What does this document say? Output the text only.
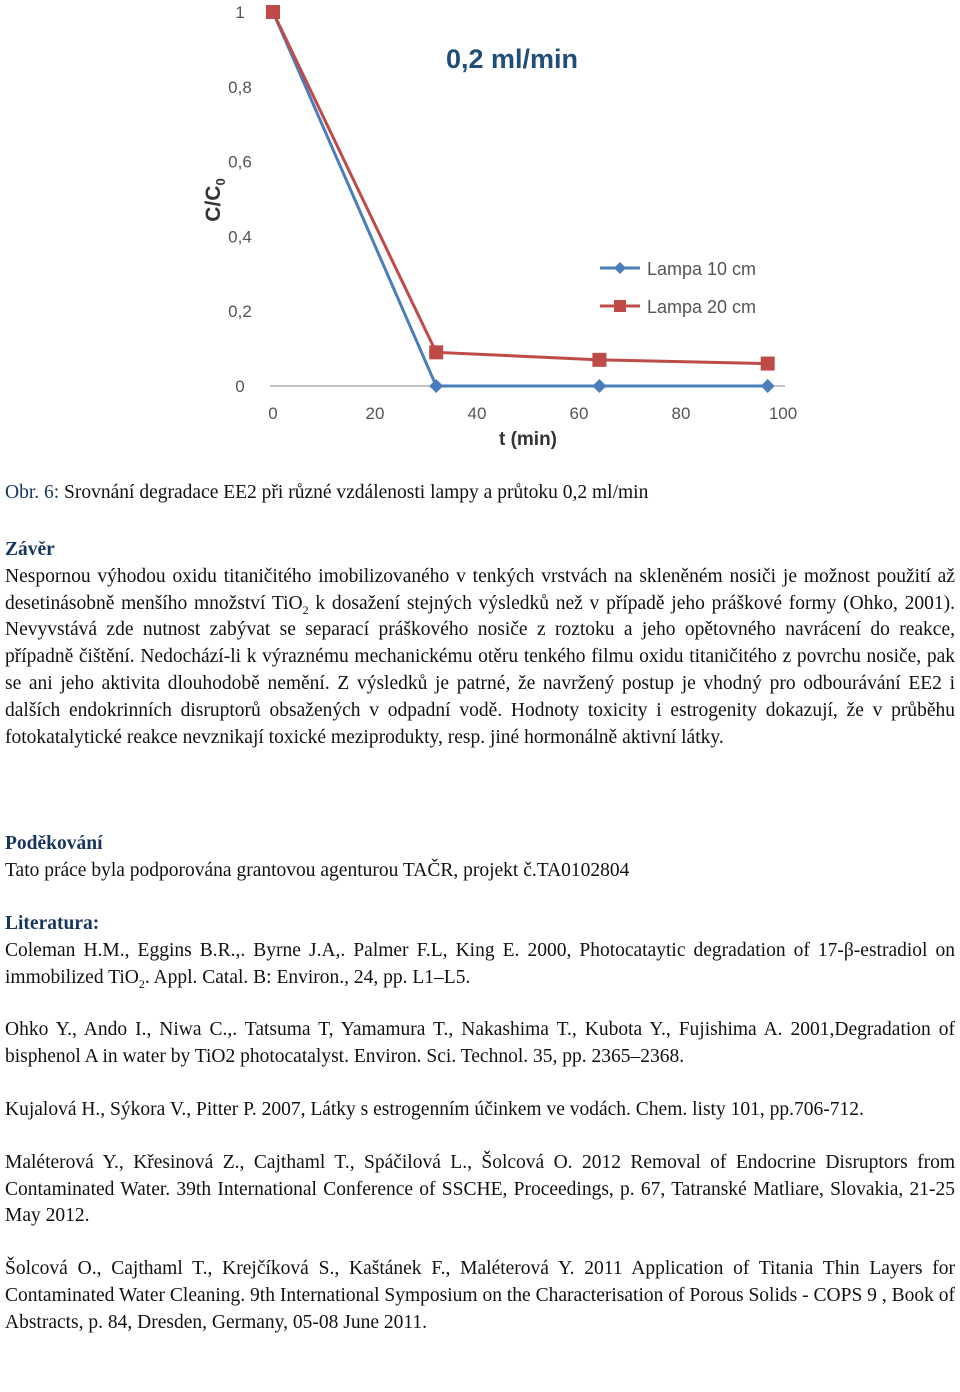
0
0,2
0,4
0,6
0,8
1
0	20	40	60	80	100
0,2 ml/min
$C/C_0$
t (min)
Lampa 10 cm
Lampa 20 cm
Obr. 6: Srovnání degradace EE2 při různé vzdálenosti lampy a průtoku 0,2 ml/min
Závěr
Nespornou výhodou oxidu titaničitého imobilizovaného v tenkých vrstvách na skleněném nosiči je možnost použití až desetinásobně menšího množství TiO$_2$ k dosažení stejných výsledků než v případě jeho práškové formy (Ohko, 2001). Nevyvstává zde nutnost zabývat se separací práškového nosiče z roztoku a jeho opětovného navrácení do reakce, případně čištění. Nedochází-li k výraznému mechanickému otěru tenkého filmu oxidu titaničitého z povrchu nosiče, pak se ani jeho aktivita dlouhodobě nemění. Z výsledků je patrné, že navržený postup je vhodný pro odbourávání EE2 i dalších endokrinních disruptorů obsažených v odpadní vodě. Hodnoty toxicity i estrogenity dokazují, že v průběhu fotokatalytické reakce nevznikají toxické meziprodukty, resp. jiné hormonálně aktivní látky.
Poděkování
Tato práce byla podporována grantovou agenturou TAČR, projekt č.TA0102804
Literatura:
Coleman H.M., Eggins B.R.,. Byrne J.A,. Palmer F.L, King E. 2000, Photocataytic degradation of 17-β-estradiol on immobilized TiO$_2$. Appl. Catal. B: Environ., 24, pp. L1–L5.
Ohko Y., Ando I., Niwa C.,. Tatsuma T, Yamamura T., Nakashima T., Kubota Y., Fujishima A. 2001,Degradation of bisphenol A in water by TiO2 photocatalyst. Environ. Sci. Technol. 35, pp. 2365–2368.
Kujalová H., Sýkora V., Pitter P. 2007, Látky s estrogenním účinkem ve vodách. Chem. listy 101, pp.706-712.
Maléterová Y., Křesinová Z., Cajthaml T., Spáčilová L., Šolcová O. 2012 Removal of Endocrine Disruptors from Contaminated Water. 39th International Conference of SSCHE, Proceedings, p. 67, Tatranské Matliare, Slovakia, 21-25 May 2012.
Šolcová O., Cajthaml T., Krejčíková S., Kaštánek F., Maléterová Y. 2011 Application of Titania Thin Layers for Contaminated Water Cleaning. 9th International Symposium on the Characterisation of Porous Solids - COPS 9 , Book of Abstracts, p. 84, Dresden, Germany, 05-08 June 2011.
